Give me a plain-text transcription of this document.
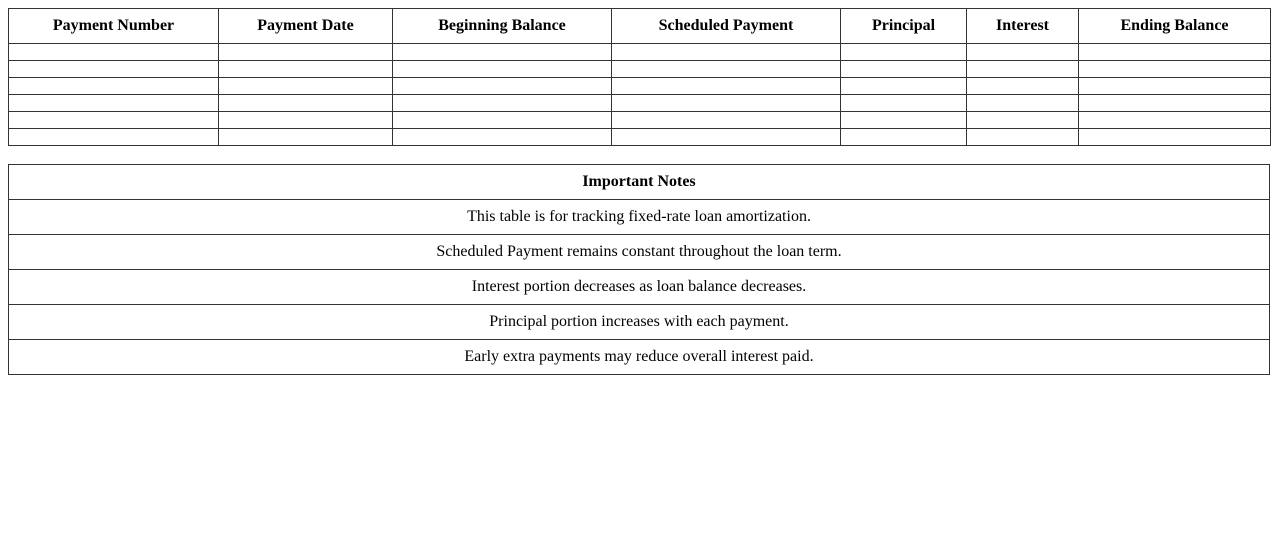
Payment Number	Payment Date	Beginning Balance	Scheduled Payment	Principal	Interest	Ending Balance

Important Notes
This table is for tracking fixed-rate loan amortization.
Scheduled Payment remains constant throughout the loan term.
Interest portion decreases as loan balance decreases.
Principal portion increases with each payment.
Early extra payments may reduce overall interest paid.
